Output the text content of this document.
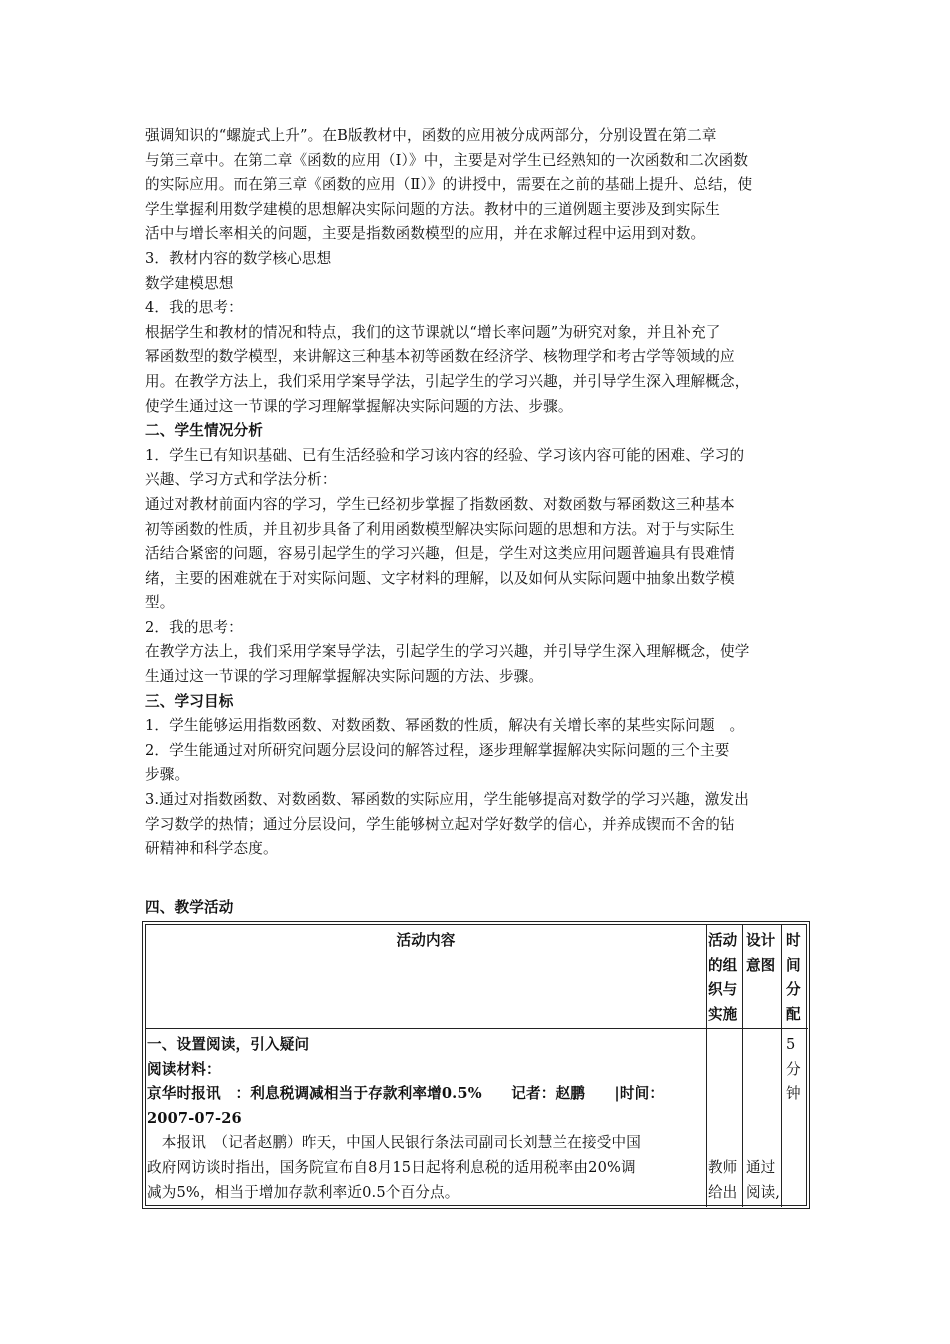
强调知识的“螺旋式上升”。在B版教材中，函数的应用被分成两部分，分别设置在第二章
与第三章中。在第二章《函数的应用（Ⅰ）》中，主要是对学生已经熟知的一次函数和二次函数
的实际应用。而在第三章《函数的应用（Ⅱ）》的讲授中，需要在之前的基础上提升、总结，使
学生掌握利用数学建模的思想解决实际问题的方法。教材中的三道例题主要涉及到实际生
活中与增长率相关的问题，主要是指数函数模型的应用，并在求解过程中运用到对数。
3．教材内容的数学核心思想
数学建模思想
4．我的思考：
根据学生和教材的情况和特点，我们的这节课就以“增长率问题”为研究对象，并且补充了
幂函数型的数学模型，来讲解这三种基本初等函数在经济学、核物理学和考古学等领域的应
用。在教学方法上，我们采用学案导学法，引起学生的学习兴趣，并引导学生深入理解概念，
使学生通过这一节课的学习理解掌握解决实际问题的方法、步骤。
二、学生情况分析
1．学生已有知识基础、已有生活经验和学习该内容的经验、学习该内容可能的困难、学习的
兴趣、学习方式和学法分析：
通过对教材前面内容的学习，学生已经初步掌握了指数函数、对数函数与幂函数这三种基本
初等函数的性质，并且初步具备了利用函数模型解决实际问题的思想和方法。对于与实际生
活结合紧密的问题，容易引起学生的学习兴趣，但是，学生对这类应用问题普遍具有畏难情
绪，主要的困难就在于对实际问题、文字材料的理解，以及如何从实际问题中抽象出数学模
型。
2．我的思考：
在教学方法上，我们采用学案导学法，引起学生的学习兴趣，并引导学生深入理解概念，使学
生通过这一节课的学习理解掌握解决实际问题的方法、步骤。
三、学习目标
1．学生能够运用指数函数、对数函数、幂函数的性质，解决有关增长率的某些实际问题　。
2．学生能通过对所研究问题分层设问的解答过程，逐步理解掌握解决实际问题的三个主要
步骤。
3.通过对指数函数、对数函数、幂函数的实际应用，学生能够提高对数学的学习兴趣，激发出
学习数学的热情；通过分层设问，学生能够树立起对学好数学的信心，并养成锲而不舍的钻
研精神和科学态度。
四、教学活动
活动内容	活动
的组
织与
实施
设计
意图
时
间
分
配
一、设置阅读，引入疑问
阅读材料：
京华时报讯　：利息税调减相当于存款利率增0.5%　　记者：赵鹏　　|时间：
2007-07-26
　本报讯　（记者赵鹏）昨天，中国人民银行条法司副司长刘慧兰在接受中国
政府网访谈时指出，国务院宣布自8月15日起将利息税的适用税率由20%调
减为5%，相当于增加存款利率近0.5个百分点。
教师
给出
通过
阅读,
5
分
钟
